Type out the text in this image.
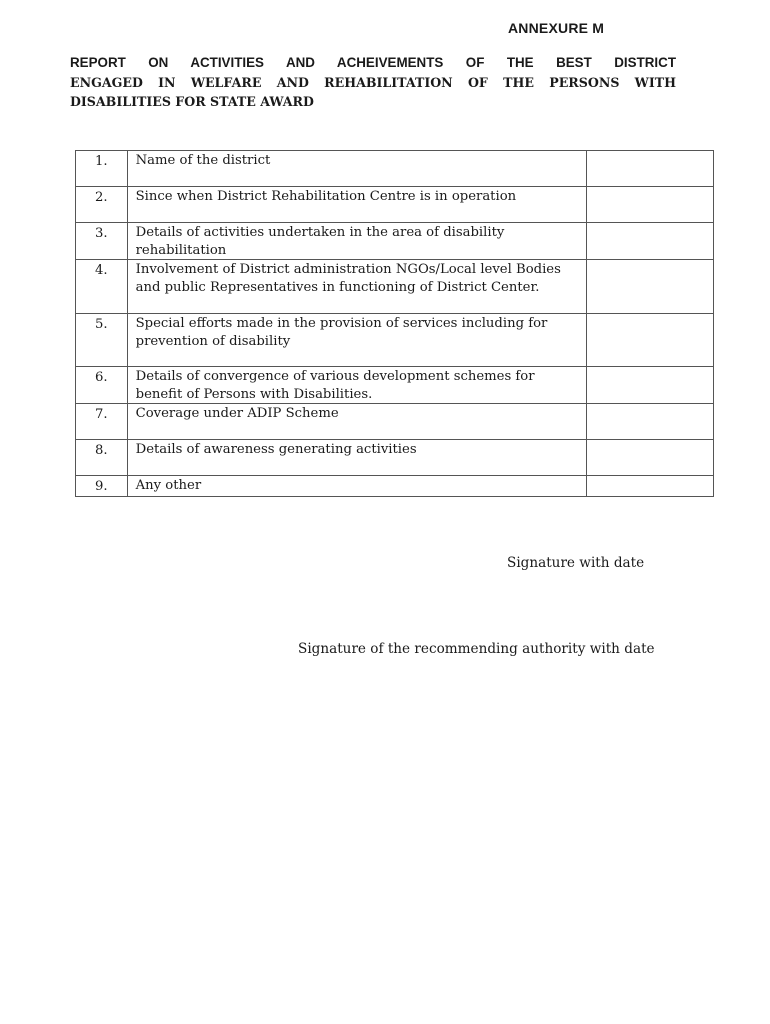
ANNEXURE M
REPORT ON ACTIVITIES AND ACHEIVEMENTS OF THE BEST DISTRICT
ENGAGED IN WELFARE AND REHABILITATION OF THE PERSONS WITH
DISABILITIES FOR STATE AWARD
1.	Name of the district	
2.	Since when District Rehabilitation Centre is in operation	
3.	Details of activities undertaken in the area of disability rehabilitation	
4.	Involvement of District administration NGOs/Local level Bodies and public Representatives in functioning of District Center.	
5.	Special efforts made in the provision of services including for prevention of disability	
6.	Details of convergence of various development schemes for benefit of Persons with Disabilities.	
7.	Coverage under ADIP Scheme	
8.	Details of awareness generating activities	
9.	Any other	
Signature with date
Signature of the recommending authority with date
